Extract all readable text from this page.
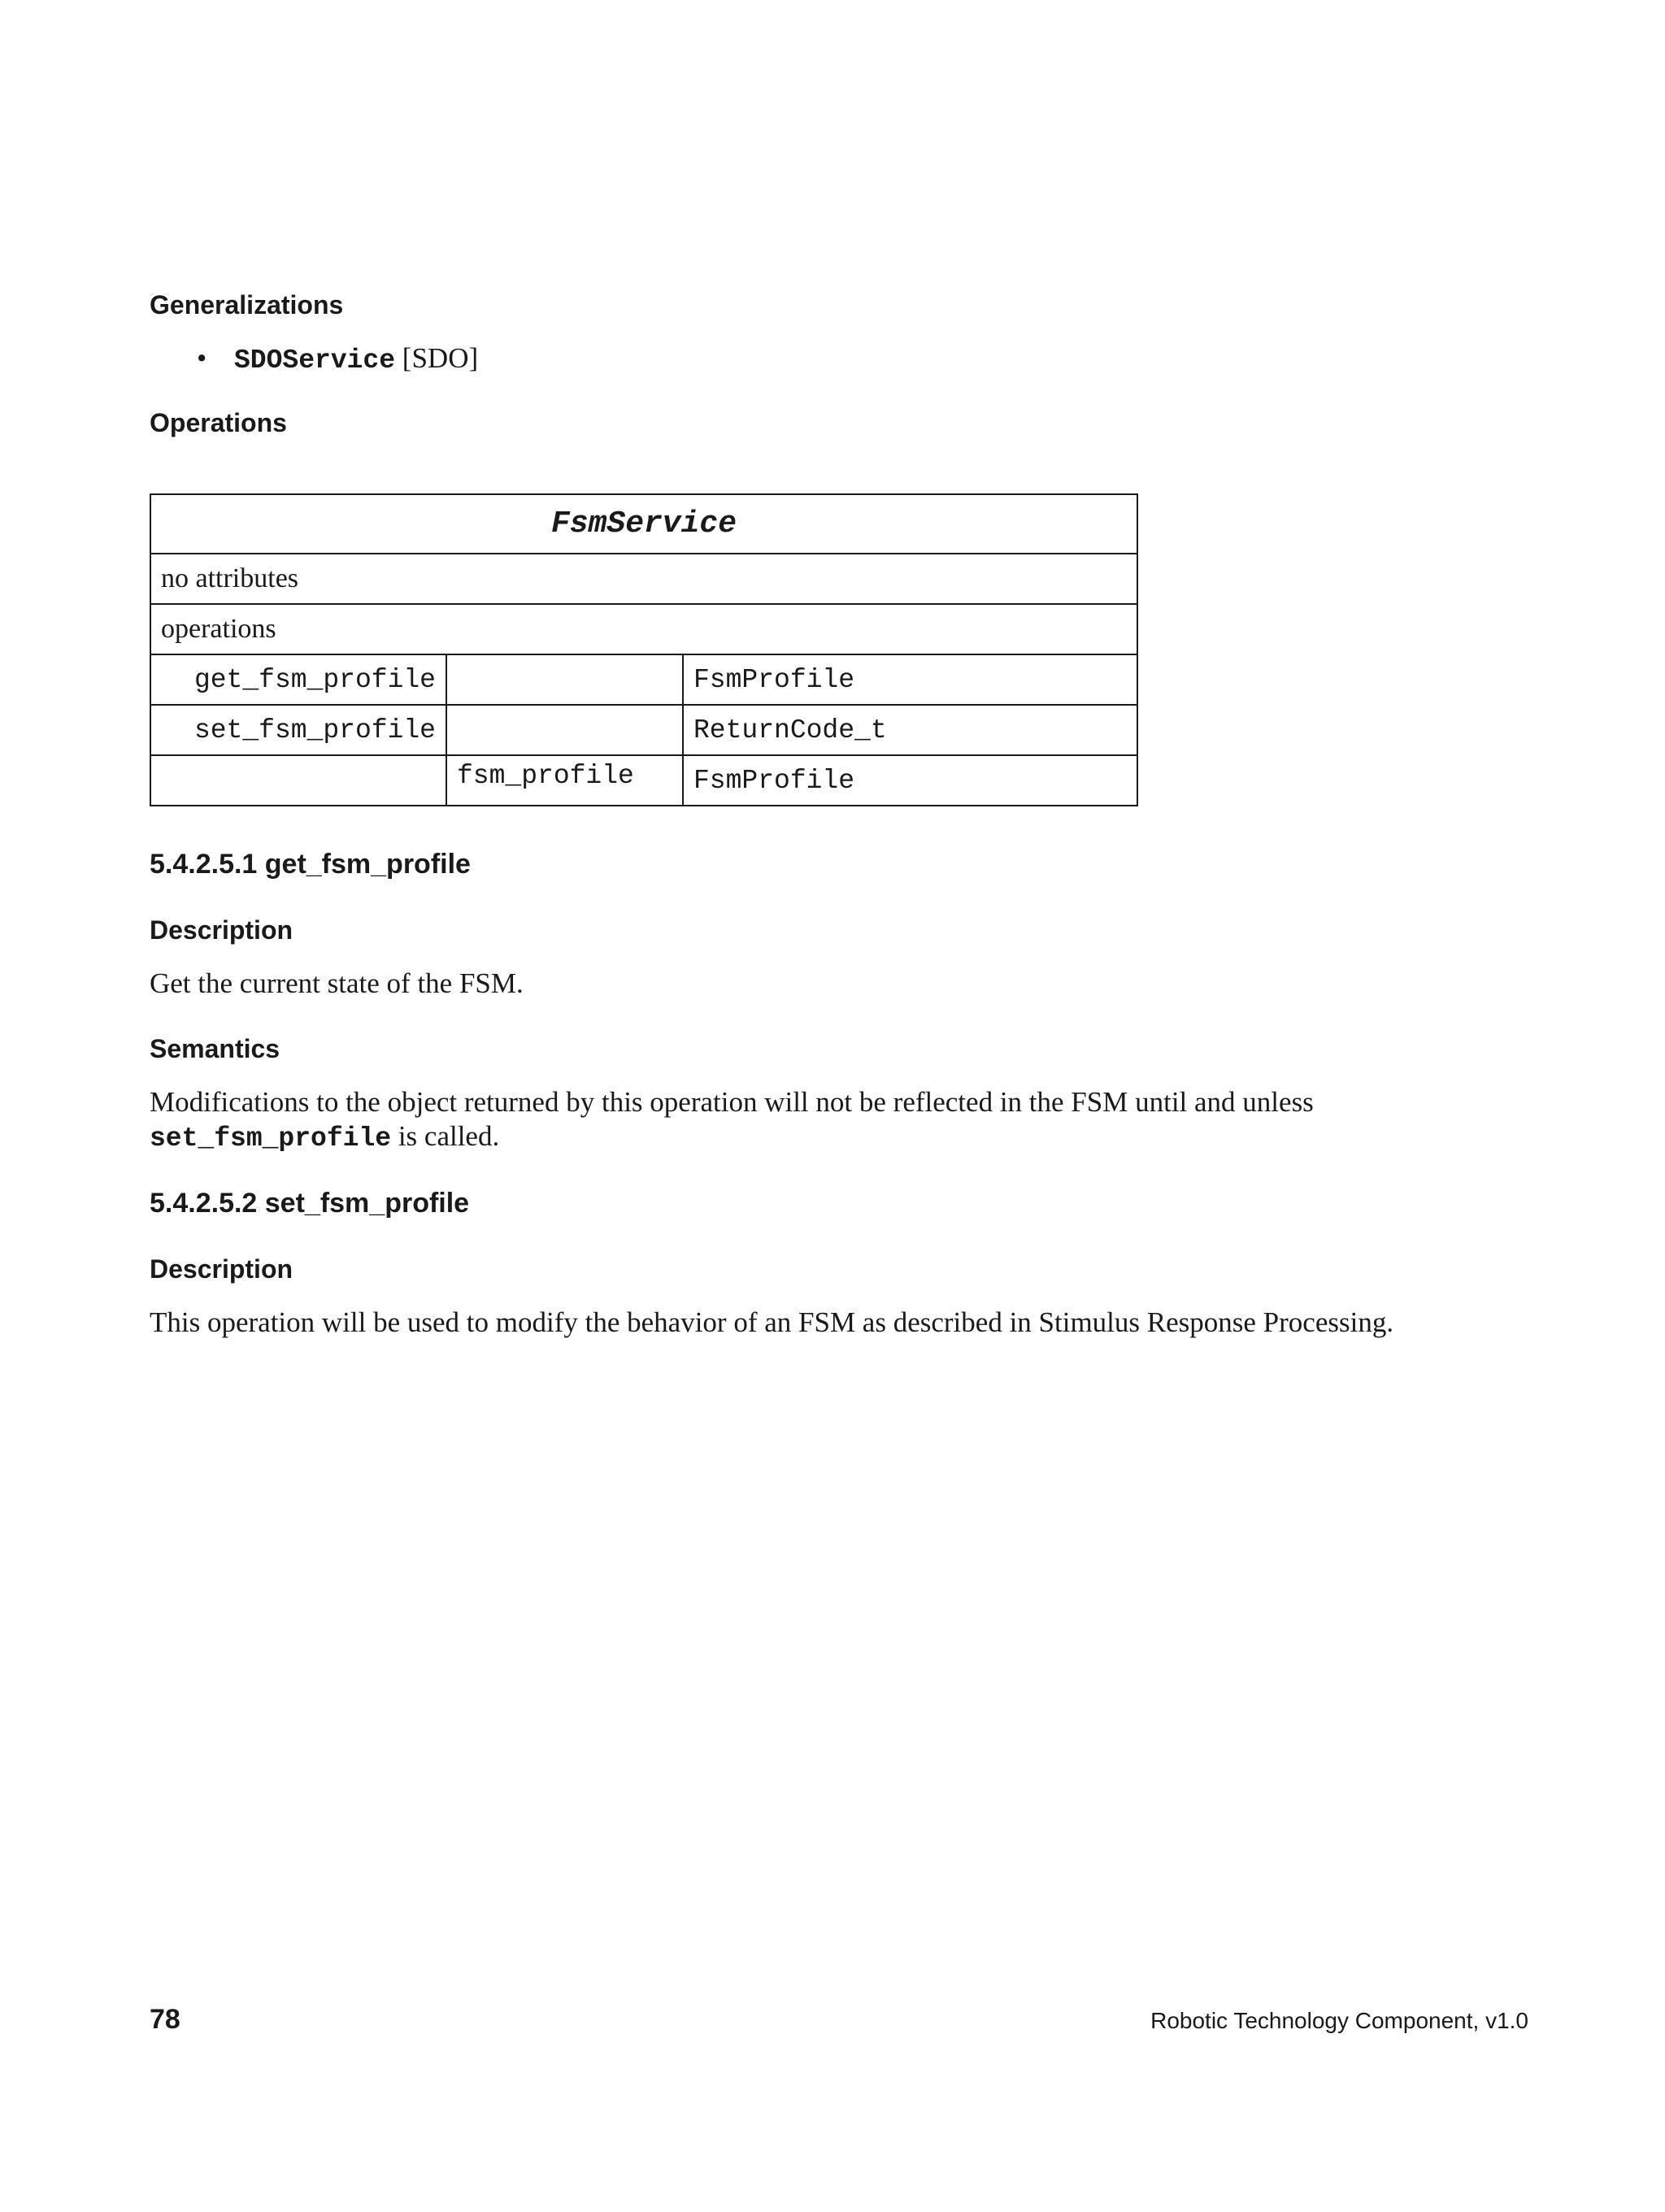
Generalizations
• SDOService [SDO]

Operations
FsmService		
no attributes		
operations		
get_fsm_profile		FsmProfile
set_fsm_profile		ReturnCode_t
	fsm_profile	FsmProfile
5.4.2.5.1 get_fsm_profile
Description

Get the current state of the FSM.

Semantics

Modifications to the object returned by this operation will not be reflected in the FSM until and unless

set_fsm_profile is called.

5.4.2.5.2 set_fsm_profile
Description

This operation will be used to modify the behavior of an FSM as described in Stimulus Response Processing.

78	Robotic Technology Component, v1.0
